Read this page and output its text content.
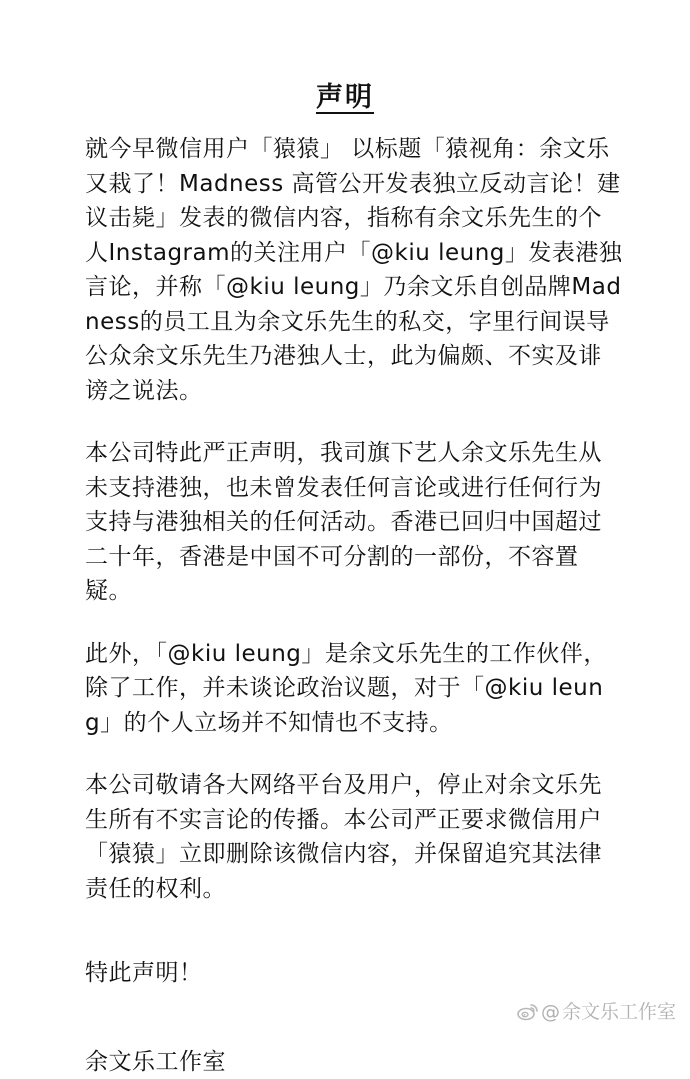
声明

就今早微信用户「猿猿」 以标题「猿视角：余文乐又栽了！Madness 高管公开发表独立反动言论！建议击毙」发表的微信内容，指称有余文乐先生的个人Instagram的关注用户「@kiu leung」发表港独言论，并称「@kiu leung」乃余文乐自创品牌Madness的员工且为余文乐先生的私交，字里行间误导公众余文乐先生乃港独人士，此为偏颇、不实及诽谤之说法。

本公司特此严正声明，我司旗下艺人余文乐先生从未支持港独，也未曾发表任何言论或进行任何行为支持与港独相关的任何活动。香港已回归中国超过二十年，香港是中国不可分割的一部份，不容置疑。

此外，「@kiu leung」是余文乐先生的工作伙伴，除了工作，并未谈论政治议题，对于「@kiu leung」的个人立场并不知情也不支持。

本公司敬请各大网络平台及用户，停止对余文乐先生所有不实言论的传播。本公司严正要求微信用户「猿猿」立即删除该微信内容，并保留追究其法律责任的权利。

特此声明！

余文乐工作室

@ 余文乐工作室
